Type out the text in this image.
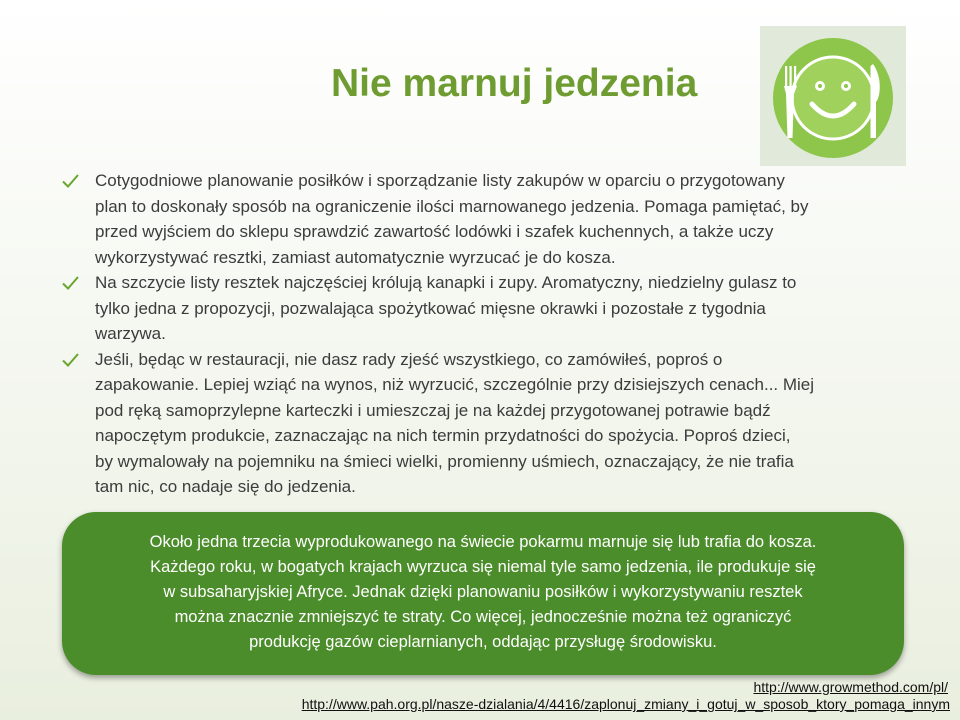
Nie marnuj jedzenia
Cotygodniowe planowanie posiłków i sporządzanie listy zakupów w oparciu o przygotowany
plan to doskonały sposób na ograniczenie ilości marnowanego jedzenia. Pomaga pamiętać, by
przed wyjściem do sklepu sprawdzić zawartość lodówki i szafek kuchennych, a także uczy
wykorzystywać resztki, zamiast automatycznie wyrzucać je do kosza.
Na szczycie listy resztek najczęściej królują kanapki i zupy. Aromatyczny, niedzielny gulasz to
tylko jedna z propozycji, pozwalająca spożytkować mięsne okrawki i pozostałe z tygodnia
warzywa.
Jeśli, będąc w restauracji, nie dasz rady zjeść wszystkiego, co zamówiłeś, poproś o
zapakowanie. Lepiej wziąć na wynos, niż wyrzucić, szczególnie przy dzisiejszych cenach... Miej
pod ręką samoprzylepne karteczki i umieszczaj je na każdej przygotowanej potrawie bądź
napoczętym produkcie, zaznaczając na nich termin przydatności do spożycia. Poproś dzieci,
by wymalowały na pojemniku na śmieci wielki, promienny uśmiech, oznaczający, że nie trafia
tam nic, co nadaje się do jedzenia.
Około jedna trzecia wyprodukowanego na świecie pokarmu marnuje się lub trafia do kosza.
Każdego roku, w bogatych krajach wyrzuca się niemal tyle samo jedzenia, ile produkuje się
w subsaharyjskiej Afryce. Jednak dzięki planowaniu posiłków i wykorzystywaniu resztek
można znacznie zmniejszyć te straty. Co więcej, jednocześnie można też ograniczyć
produkcję gazów cieplarnianych, oddając przysługę środowisku.
http://www.growmethod.com/pl/
http://www.pah.org.pl/nasze-dzialania/4/4416/zaplonuj_zmiany_i_gotuj_w_sposob_ktory_pomaga_innym
